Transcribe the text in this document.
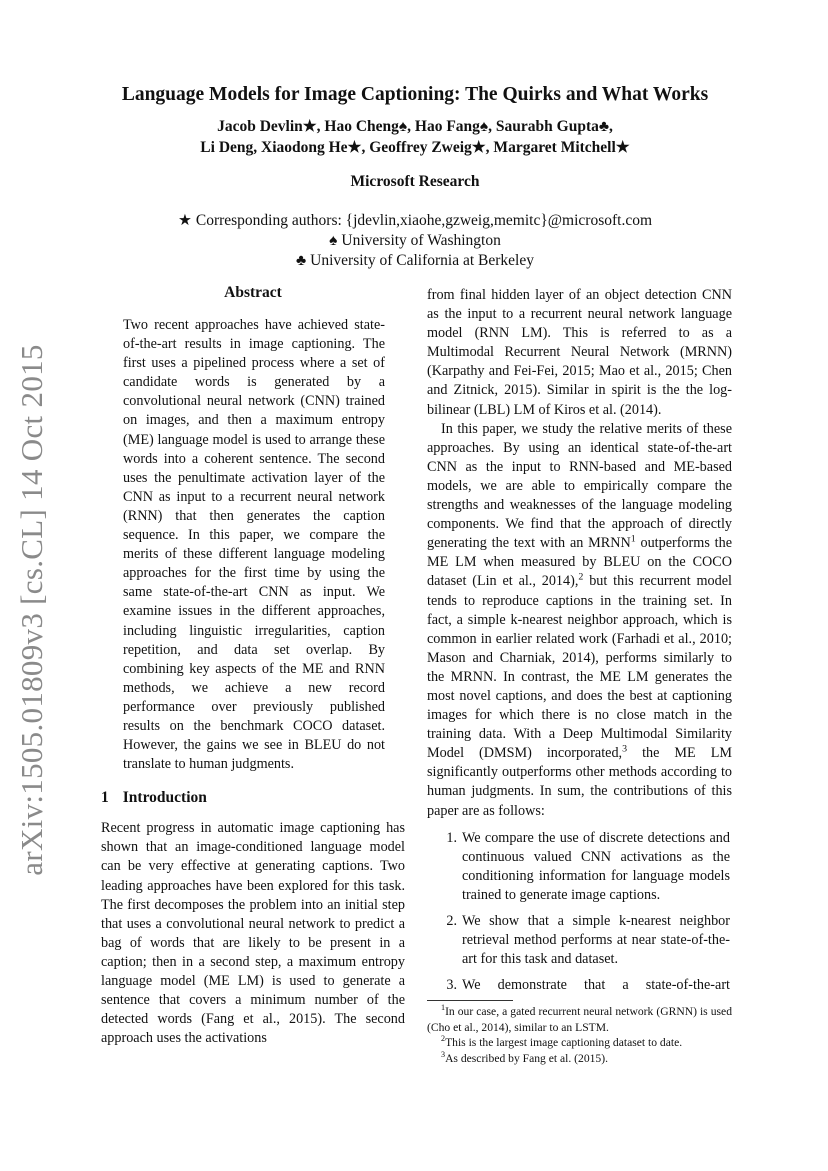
arXiv:1505.01809v3 [cs.CL] 14 Oct 2015
Language Models for Image Captioning: The Quirks and What Works
Jacob Devlin★, Hao Cheng♠, Hao Fang♠, Saurabh Gupta♣,
Li Deng, Xiaodong He★, Geoffrey Zweig★, Margaret Mitchell★
Microsoft Research
★ Corresponding authors: {jdevlin,xiaohe,gzweig,memitc}@microsoft.com
♠ University of Washington
♣ University of California at Berkeley
Abstract

Two recent approaches have achieved state-of-the-art results in image captioning. The first uses a pipelined process where a set of candidate words is generated by a convolutional neural network (CNN) trained on images, and then a maximum entropy (ME) language model is used to arrange these words into a coherent sentence. The second uses the penultimate activation layer of the CNN as input to a recurrent neural network (RNN) that then generates the caption sequence. In this paper, we compare the merits of these different language modeling approaches for the first time by using the same state-of-the-art CNN as input. We examine issues in the different approaches, including linguistic irregularities, caption repetition, and data set overlap. By combining key aspects of the ME and RNN methods, we achieve a new record performance over previously published results on the benchmark COCO dataset. However, the gains we see in BLEU do not translate to human judgments.

1 Introduction

Recent progress in automatic image captioning has shown that an image-conditioned language model can be very effective at generating captions. Two leading approaches have been explored for this task. The first decomposes the problem into an initial step that uses a convolutional neural network to predict a bag of words that are likely to be present in a caption; then in a second step, a maximum entropy language model (ME LM) is used to generate a sentence that covers a minimum number of the detected words (Fang et al., 2015). The second approach uses the activations

from final hidden layer of an object detection CNN as the input to a recurrent neural network language model (RNN LM). This is referred to as a Multimodal Recurrent Neural Network (MRNN) (Karpathy and Fei-Fei, 2015; Mao et al., 2015; Chen and Zitnick, 2015). Similar in spirit is the the log-bilinear (LBL) LM of Kiros et al. (2014).

In this paper, we study the relative merits of these approaches. By using an identical state-of-the-art CNN as the input to RNN-based and ME-based models, we are able to empirically compare the strengths and weaknesses of the language modeling components. We find that the approach of directly generating the text with an MRNN$^1$ outperforms the ME LM when measured by BLEU on the COCO dataset (Lin et al., 2014),$^2$ but this recurrent model tends to reproduce captions in the training set. In fact, a simple k-nearest neighbor approach, which is common in earlier related work (Farhadi et al., 2010; Mason and Charniak, 2014), performs similarly to the MRNN. In contrast, the ME LM generates the most novel captions, and does the best at captioning images for which there is no close match in the training data. With a Deep Multimodal Similarity Model (DMSM) incorporated,$^3$ the ME LM significantly outperforms other methods according to human judgments. In sum, the contributions of this paper are as follows:

1. We compare the use of discrete detections and continuous valued CNN activations as the conditioning information for language models trained to generate image captions.
2. We show that a simple k-nearest neighbor retrieval method performs at near state-of-the-art for this task and dataset.
3. We demonstrate that a state-of-the-art
$^1$In our case, a gated recurrent neural network (GRNN) is used (Cho et al., 2014), similar to an LSTM.
$^2$This is the largest image captioning dataset to date.
$^3$As described by Fang et al. (2015).
